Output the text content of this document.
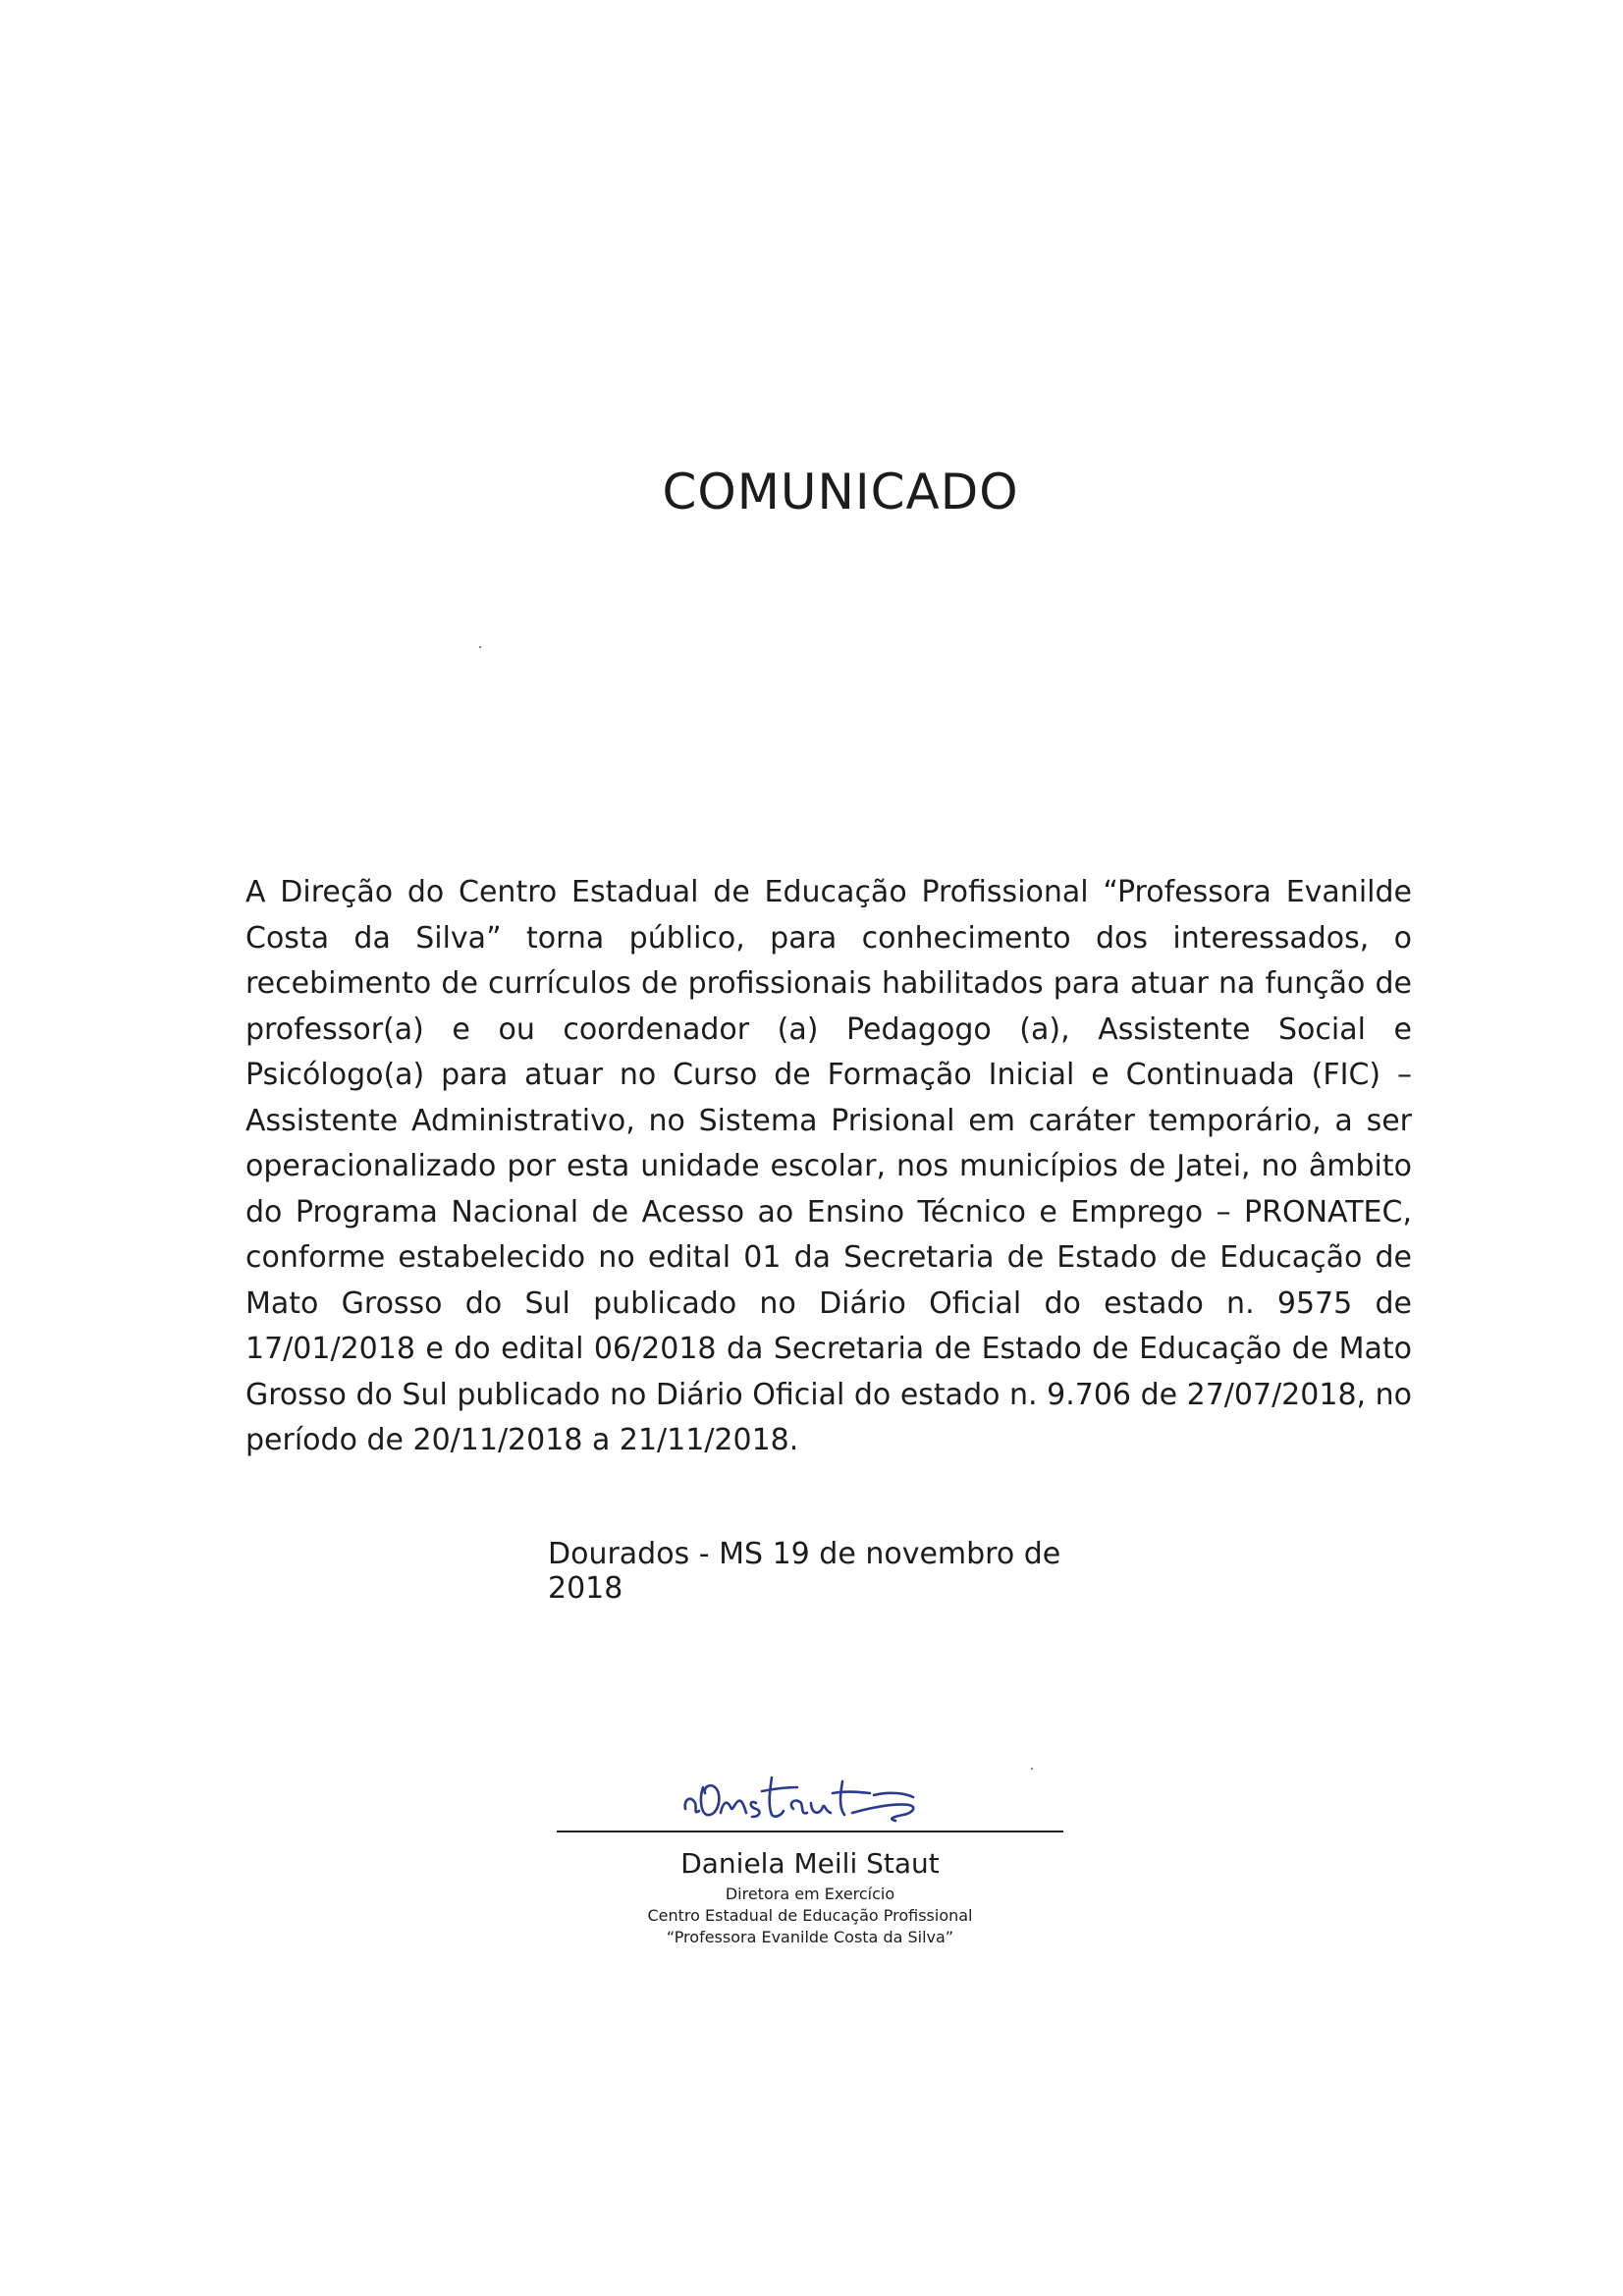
COMUNICADO

A Direção do Centro Estadual de Educação Profissional “Professora Evanilde Costa da Silva” torna público, para conhecimento dos interessados, o recebimento de currículos de profissionais habilitados para atuar na função de professor(a) e ou coordenador (a) Pedagogo (a), Assistente Social e Psicólogo(a) para atuar no Curso de Formação Inicial e Continuada (FIC) – Assistente Administrativo, no Sistema Prisional em caráter temporário, a ser operacionalizado por esta unidade escolar, nos municípios de Jatei, no âmbito do Programa Nacional de Acesso ao Ensino Técnico e Emprego – PRONATEC, conforme estabelecido no edital 01 da Secretaria de Estado de Educação de Mato Grosso do Sul publicado no Diário Oficial do estado n. 9575 de 17/01/2018 e do edital 06/2018 da Secretaria de Estado de Educação de Mato Grosso do Sul publicado no Diário Oficial do estado n. 9.706 de 27/07/2018, no período de 20/11/2018 a 21/11/2018.

Dourados - MS 19 de novembro de 2018
Daniela Meili Staut
Diretora em Exercício
Centro Estadual de Educação Profissional
“Professora Evanilde Costa da Silva”
